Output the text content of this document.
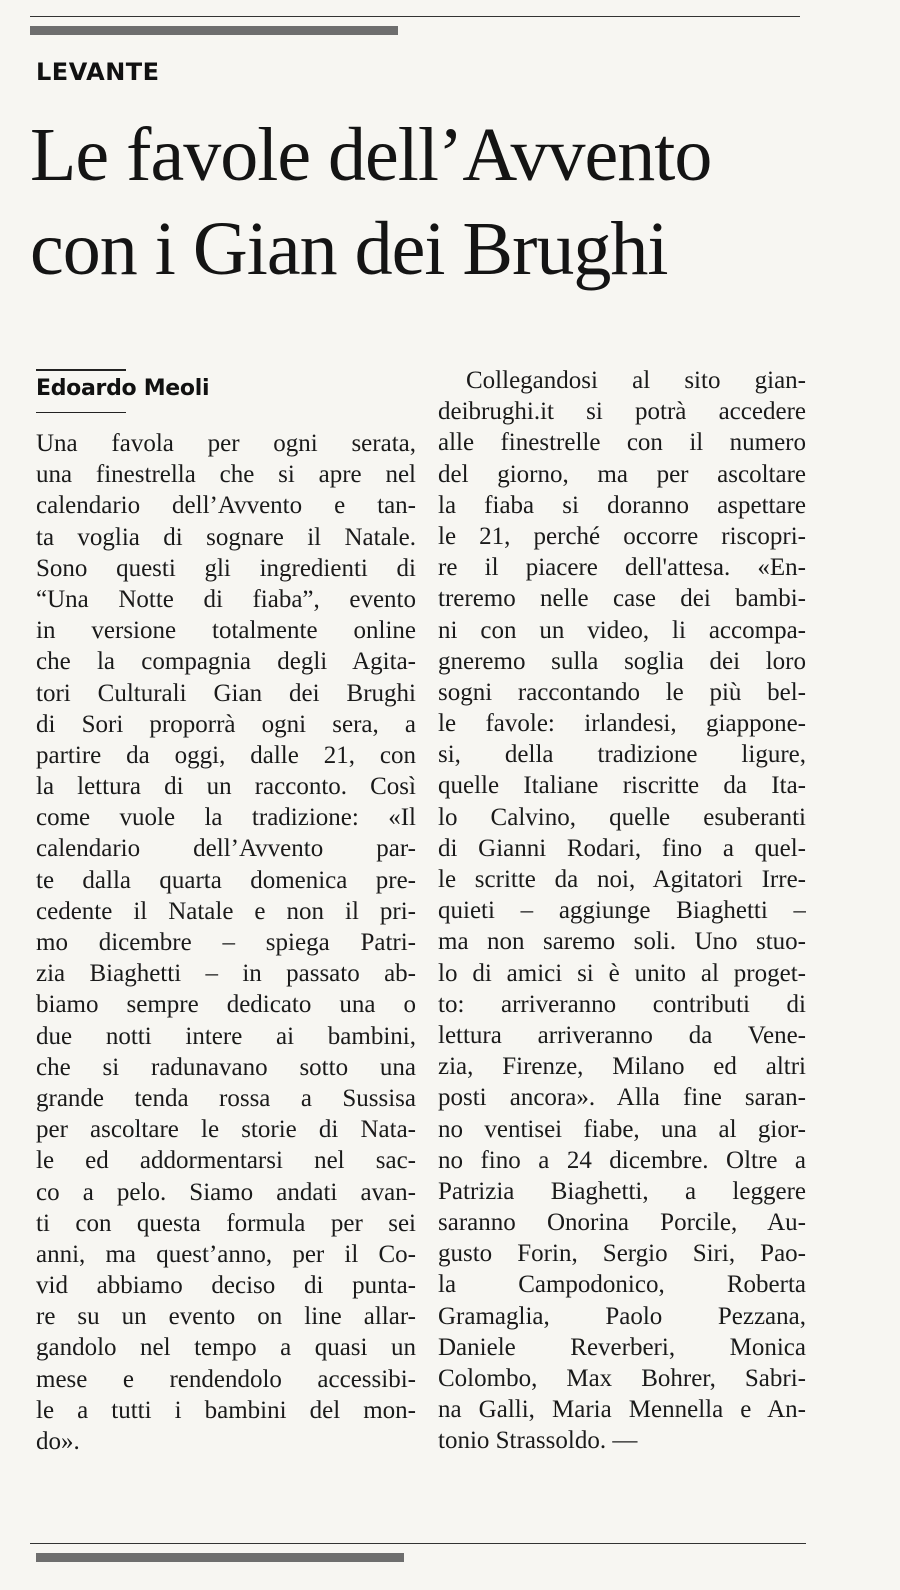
LEVANTE
Le favole dell’Avvento
con i Gian dei Brughi
Edoardo Meoli
Una favola per ogni serata,
una finestrella che si apre nel
calendario dell’Avvento e tan-
ta voglia di sognare il Natale.
Sono questi gli ingredienti di
“Una Notte di fiaba”, evento
in versione totalmente online
che la compagnia degli Agita-
tori Culturali Gian dei Brughi
di Sori proporrà ogni sera, a
partire da oggi, dalle 21, con
la lettura di un racconto. Così
come vuole la tradizione: «Il
calendario dell’Avvento par-
te dalla quarta domenica pre-
cedente il Natale e non il pri-
mo dicembre – spiega Patri-
zia Biaghetti – in passato ab-
biamo sempre dedicato una o
due notti intere ai bambini,
che si radunavano sotto una
grande tenda rossa a Sussisa
per ascoltare le storie di Nata-
le ed addormentarsi nel sac-
co a pelo. Siamo andati avan-
ti con questa formula per sei
anni, ma quest’anno, per il Co-
vid abbiamo deciso di punta-
re su un evento on line allar-
gandolo nel tempo a quasi un
mese e rendendolo accessibi-
le a tutti i bambini del mon-
do».
Collegandosi al sito gian-
deibrughi.it si potrà accedere
alle finestrelle con il numero
del giorno, ma per ascoltare
la fiaba si doranno aspettare
le 21, perché occorre riscopri-
re il piacere dell'attesa. «En-
treremo nelle case dei bambi-
ni con un video, li accompa-
gneremo sulla soglia dei loro
sogni raccontando le più bel-
le favole: irlandesi, giappone-
si, della tradizione ligure,
quelle Italiane riscritte da Ita-
lo Calvino, quelle esuberanti
di Gianni Rodari, fino a quel-
le scritte da noi, Agitatori Irre-
quieti – aggiunge Biaghetti –
ma non saremo soli. Uno stuo-
lo di amici si è unito al proget-
to: arriveranno contributi di
lettura arriveranno da Vene-
zia, Firenze, Milano ed altri
posti ancora». Alla fine saran-
no ventisei fiabe, una al gior-
no fino a 24 dicembre. Oltre a
Patrizia Biaghetti, a leggere
saranno Onorina Porcile, Au-
gusto Forin, Sergio Siri, Pao-
la Campodonico, Roberta
Gramaglia, Paolo Pezzana,
Daniele Reverberi, Monica
Colombo, Max Bohrer, Sabri-
na Galli, Maria Mennella e An-
tonio Strassoldo. —
